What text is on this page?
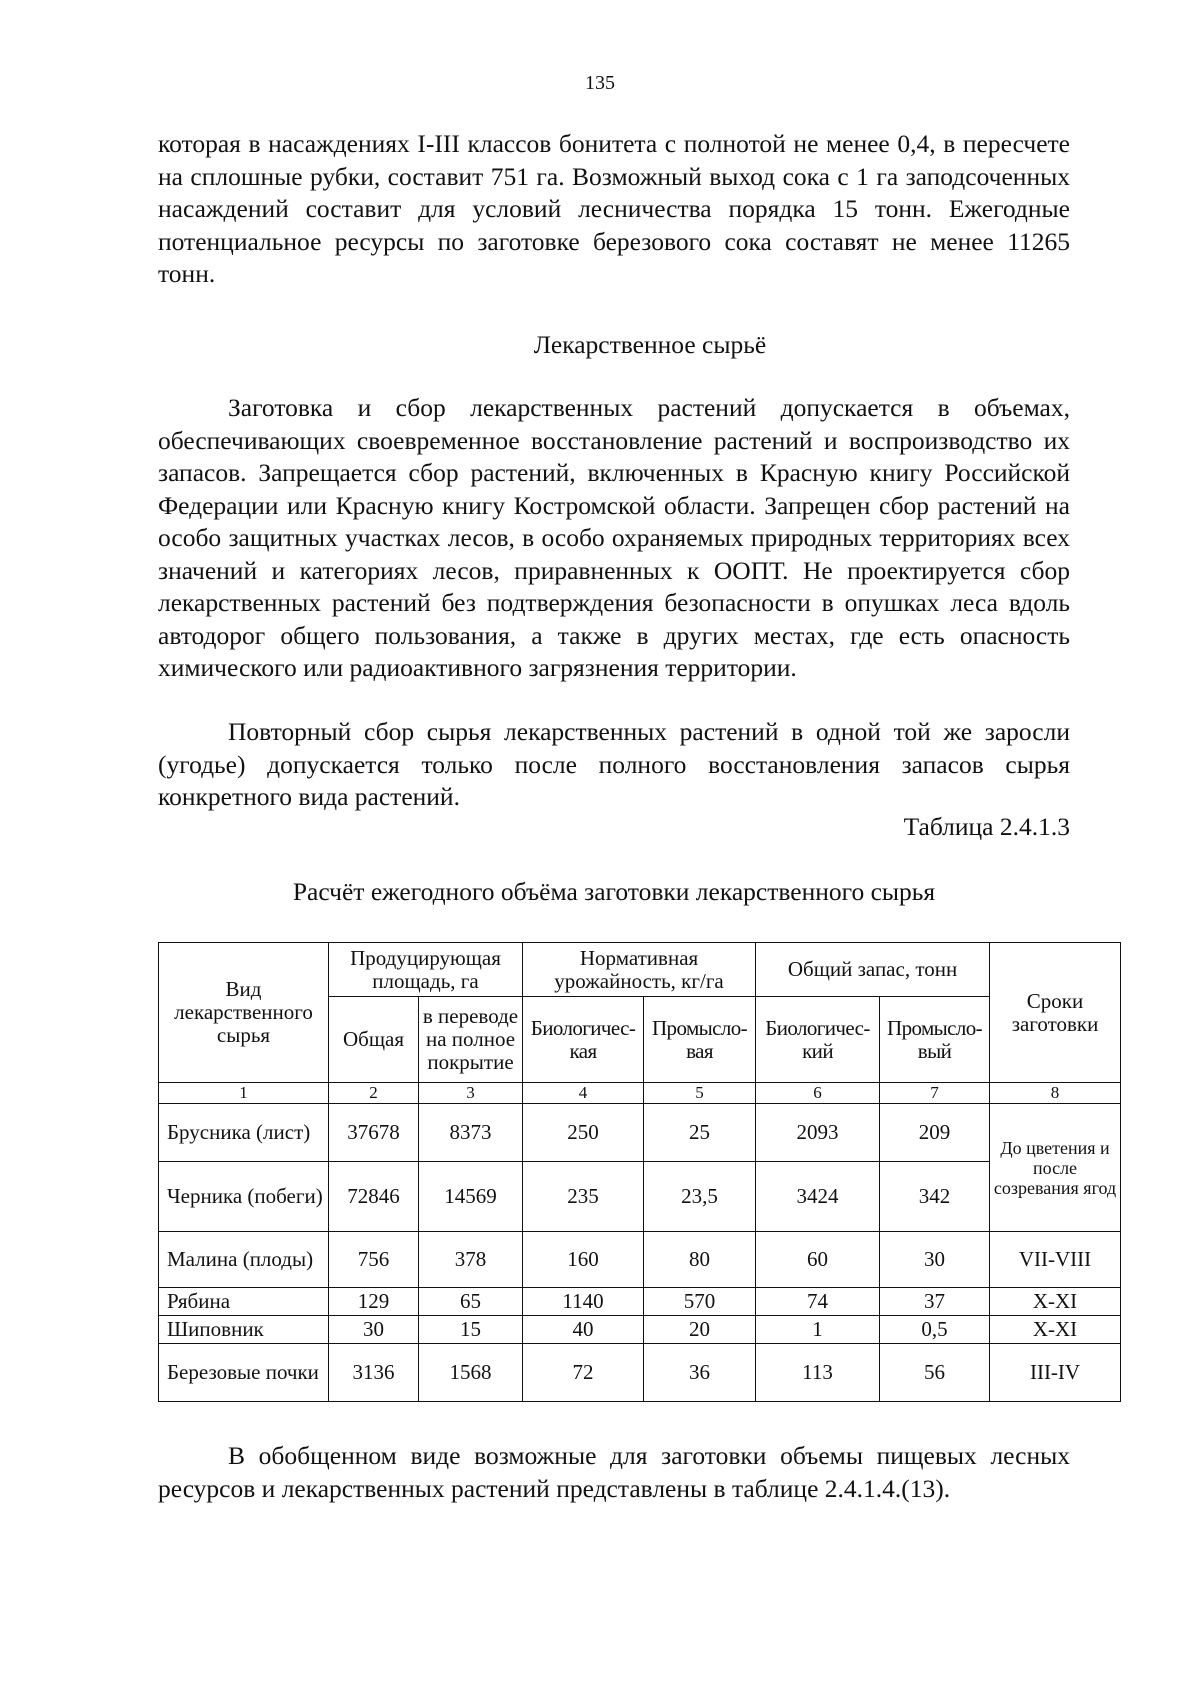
135

которая в насаждениях I-III классов бонитета с полнотой не менее 0,4, в пересчете на сплошные рубки, составит 751 га. Возможный выход сока с 1 га заподсоченных насаждений составит для условий лесничества порядка 15 тонн. Ежегодные потенциальное ресурсы по заготовке березового сока составят не менее 11265 тонн.

Лекарственное сырьё

Заготовка и сбор лекарственных растений допускается в объемах, обеспечивающих своевременное восстановление растений и воспроизводство их запасов. Запрещается сбор растений, включенных в Красную книгу Российской Федерации или Красную книгу Костромской области. Запрещен сбор растений на особо защитных участках лесов, в особо охраняемых природных территориях всех значений и категориях лесов, приравненных к ООПТ. Не проектируется сбор лекарственных растений без подтверждения безопасности в опушках леса вдоль автодорог общего пользования, а также в других местах, где есть опасность химического или радиоактивного загрязнения территории.

Повторный сбор сырья лекарственных растений в одной той же заросли (угодье) допускается только после полного восстановления запасов сырья конкретного вида растений.

Таблица 2.4.1.3

Расчёт ежегодного объёма заготовки лекарственного сырья

Вид лекарственного сырья	Продуцирующая площадь, га		Нормативная урожайность, кг/га		Общий запас, тонн		Сроки заготовки
	Общая	в переводе на полное покрытие	Биологичес-кая	Промысло-вая	Биологичес-кий	Промысло-вый	
1	2	3	4	5	6	7	8
Брусника (лист)	37678	8373	250	25	2093	209	До цветения и после созревания ягод
Черника (побеги)	72846	14569	235	23,5	3424	342	
Малина (плоды)	756	378	160	80	60	30	VII-VIII
Рябина	129	65	1140	570	74	37	X-XI
Шиповник	30	15	40	20	1	0,5	X-XI
Березовые почки	3136	1568	72	36	113	56	III-IV

В обобщенном виде возможные для заготовки объемы пищевых лесных ресурсов и лекарственных растений представлены в таблице 2.4.1.4.(13).
